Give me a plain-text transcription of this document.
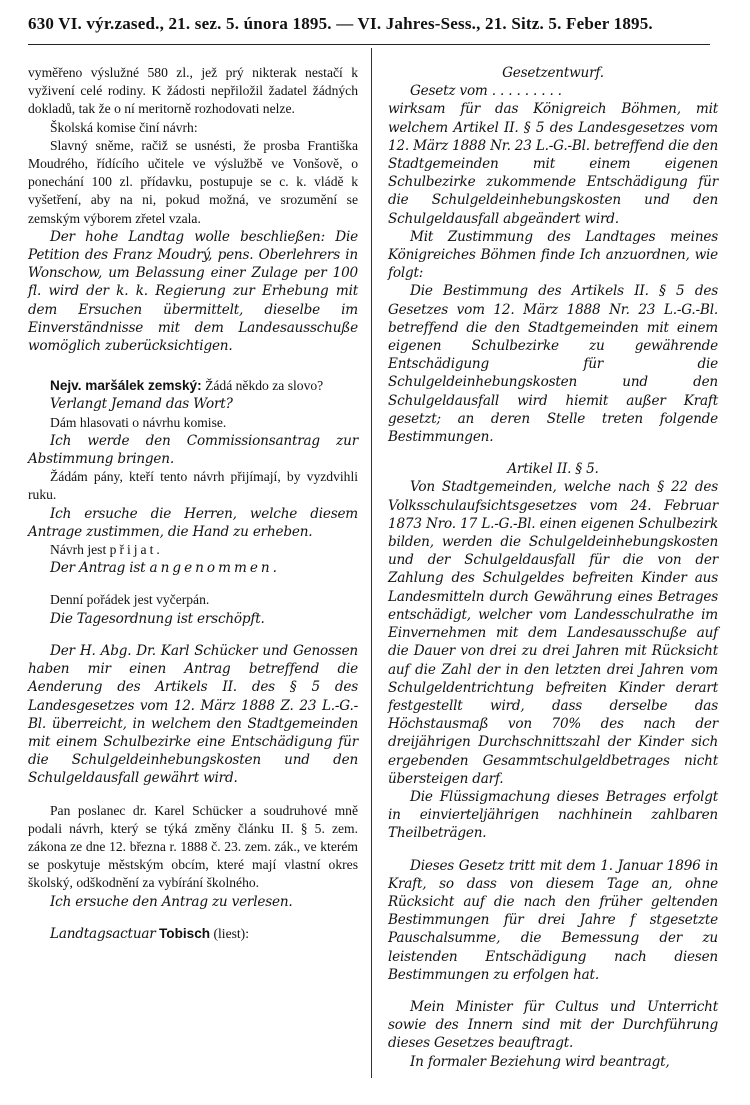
630 VI. výr.zased., 21. sez. 5. února 1895. — VI. Jahres-Sess., 21. Sitz. 5. Feber 1895.

vyměřeno výslužné 580 zl., jež prý nikterak nestačí k vyživení celé rodiny. K žádosti nepřiložil žadatel žádných dokladů, tak že o ní meritorně rozhodovati nelze.

Školská komise činí návrh:

Slavný sněme, račiž se usnésti, že prosba Františka Moudrého, řídícího učitele ve výslužbě ve Vonšově, o ponechání 100 zl. přídavku, postupuje se c. k. vládě k vyšetření, aby na ni, pokud možná, ve srozumění se zemským výborem zřetel vzala.

Der hohe Landtag wolle beschließen: Die Petition des Franz Moudrý, pens. Oberlehrers in Wonschow, um Belassung einer Zulage per 100 fl. wird der k. k. Regierung zur Erhebung mit dem Ersuchen übermittelt, dieselbe im Einverständnisse mit dem Landesausschuße womöglich zuberücksichtigen.

Nejv. maršálek zemský: Žádá někdo za slovo?

Verlangt Jemand das Wort?

Dám hlasovati o návrhu komise.

Ich werde den Commissionsantrag zur Abstimmung bringen.

Žádám pány, kteří tento návrh přijímají, by vyzdvihli ruku.

Ich ersuche die Herren, welche diesem Antrage zustimmen, die Hand zu erheben.

Návrh jest přijat.

Der Antrag ist angenommen.

Denní pořádek jest vyčerpán.

Die Tagesordnung ist erschöpft.

Der H. Abg. Dr. Karl Schücker und Genossen haben mir einen Antrag betreffend die Aenderung des Artikels II. des § 5 des Landesgesetzes vom 12. März 1888 Z. 23 L.-G.-Bl. überreicht, in welchem den Stadtgemeinden mit einem Schulbezirke eine Entschädigung für die Schulgeldeinhebungskosten und den Schulgeldausfall gewährt wird.

Pan poslanec dr. Karel Schücker a soudruhové mně podali návrh, který se týká změny článku II. § 5. zem. zákona ze dne 12. března r. 1888 č. 23. zem. zák., ve kterém se poskytuje městským obcím, které mají vlastní okres školský, odškodnění za vybírání školného.

Ich ersuche den Antrag zu verlesen.

Landtagsactuar Tobisch (liest):

Gesetzentwurf.

Gesetz vom . . . . . . . . .

wirksam für das Königreich Böhmen, mit welchem Artikel II. § 5 des Landesgesetzes vom 12. März 1888 Nr. 23 L.-G.-Bl. betreffend die den Stadtgemeinden mit einem eigenen Schulbezirke zukommende Entschädigung für die Schulgeldeinhebungskosten und den Schulgeldausfall abgeändert wird.

Mit Zustimmung des Landtages meines Königreiches Böhmen finde Ich anzuordnen, wie folgt:

Die Bestimmung des Artikels II. § 5 des Gesetzes vom 12. März 1888 Nr. 23 L.-G.-Bl. betreffend die den Stadtgemeinden mit einem eigenen Schulbezirke zu gewährende Entschädigung für die Schulgeldeinhebungskosten und den Schulgeldausfall wird hiemit außer Kraft gesetzt; an deren Stelle treten folgende Bestimmungen.

Artikel II. § 5.

Von Stadtgemeinden, welche nach § 22 des Volksschulaufsichtsgesetzes vom 24. Februar 1873 Nro. 17 L.-G.-Bl. einen eigenen Schulbezirk bilden, werden die Schulgeldeinhebungskosten und der Schulgeldausfall für die von der Zahlung des Schulgeldes befreiten Kinder aus Landesmitteln durch Gewährung eines Betrages entschädigt, welcher vom Landesschulrathe im Einvernehmen mit dem Landesausschuße auf die Dauer von drei zu drei Jahren mit Rücksicht auf die Zahl der in den letzten drei Jahren vom Schulgeldentrichtung befreiten Kinder derart festgestellt wird, dass derselbe das Höchstausmaß von 70% des nach der dreijährigen Durchschnittszahl der Kinder sich ergebenden Gesammtschulgeldbetrages nicht übersteigen darf.

Die Flüssigmachung dieses Betrages erfolgt in einvierteljährigen nachhinein zahlbaren Theilbeträgen.

Dieses Gesetz tritt mit dem 1. Januar 1896 in Kraft, so dass von diesem Tage an, ohne Rücksicht auf die nach den früher geltenden Bestimmungen für drei Jahre f stgesetzte Pauschalsumme, die Bemessung der zu leistenden Entschädigung nach diesen Bestimmungen zu erfolgen hat.

Mein Minister für Cultus und Unterricht sowie des Innern sind mit der Durchführung dieses Gesetzes beauftragt.

In formaler Beziehung wird beantragt,
